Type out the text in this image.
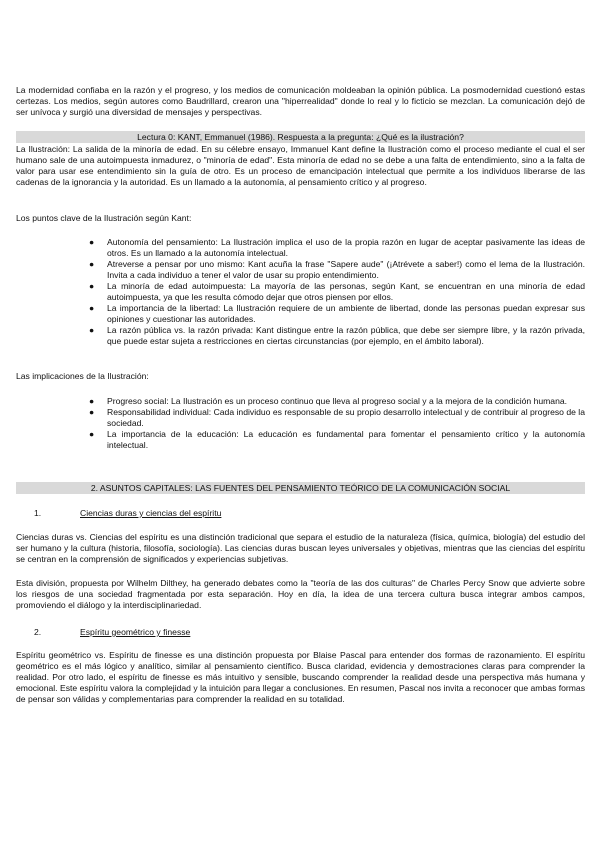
La modernidad confiaba en la razón y el progreso, y los medios de comunicación moldeaban la opinión pública. La posmodernidad cuestionó estas certezas. Los medios, según autores como Baudrillard, crearon una "hiperrealidad" donde lo real y lo ficticio se mezclan. La comunicación dejó de ser unívoca y surgió una diversidad de mensajes y perspectivas.

Lectura 0: KANT, Emmanuel (1986). Respuesta a la pregunta: ¿Qué es la ilustración?

La Ilustración: La salida de la minoría de edad. En su célebre ensayo, Immanuel Kant define la Ilustración como el proceso mediante el cual el ser humano sale de una autoimpuesta inmadurez, o "minoría de edad". Esta minoría de edad no se debe a una falta de entendimiento, sino a la falta de valor para usar ese entendimiento sin la guía de otro. Es un proceso de emancipación intelectual que permite a los individuos liberarse de las cadenas de la ignorancia y la autoridad. Es un llamado a la autonomía, al pensamiento crítico y al progreso.

Los puntos clave de la Ilustración según Kant:

● Autonomía del pensamiento: La Ilustración implica el uso de la propia razón en lugar de aceptar pasivamente las ideas de otros. Es un llamado a la autonomía intelectual.
● Atreverse a pensar por uno mismo: Kant acuña la frase "Sapere aude" (¡Atrévete a saber!) como el lema de la Ilustración. Invita a cada individuo a tener el valor de usar su propio entendimiento.
● La minoría de edad autoimpuesta: La mayoría de las personas, según Kant, se encuentran en una minoría de edad autoimpuesta, ya que les resulta cómodo dejar que otros piensen por ellos.
● La importancia de la libertad: La Ilustración requiere de un ambiente de libertad, donde las personas puedan expresar sus opiniones y cuestionar las autoridades.
● La razón pública vs. la razón privada: Kant distingue entre la razón pública, que debe ser siempre libre, y la razón privada, que puede estar sujeta a restricciones en ciertas circunstancias (por ejemplo, en el ámbito laboral).

Las implicaciones de la Ilustración:

● Progreso social: La Ilustración es un proceso continuo que lleva al progreso social y a la mejora de la condición humana.
● Responsabilidad individual: Cada individuo es responsable de su propio desarrollo intelectual y de contribuir al progreso de la sociedad.
● La importancia de la educación: La educación es fundamental para fomentar el pensamiento crítico y la autonomía intelectual.
2. ASUNTOS CAPITALES: LAS FUENTES DEL PENSAMIENTO TEÓRICO DE LA COMUNICACIÓN SOCIAL
1.	Ciencias duras y ciencias del espíritu

Ciencias duras vs. Ciencias del espíritu es una distinción tradicional que separa el estudio de la naturaleza (física, química, biología) del estudio del ser humano y la cultura (historia, filosofía, sociología). Las ciencias duras buscan leyes universales y objetivas, mientras que las ciencias del espíritu se centran en la comprensión de significados y experiencias subjetivas.

Esta división, propuesta por Wilhelm Dilthey, ha generado debates como la "teoría de las dos culturas" de Charles Percy Snow que advierte sobre los riesgos de una sociedad fragmentada por esta separación. Hoy en día, la idea de una tercera cultura busca integrar ambos campos, promoviendo el diálogo y la interdisciplinariedad.

2.	Espíritu geométrico y finesse

Espíritu geométrico vs. Espíritu de finesse es una distinción propuesta por Blaise Pascal para entender dos formas de razonamiento. El espíritu geométrico es el más lógico y analítico, similar al pensamiento científico. Busca claridad, evidencia y demostraciones claras para comprender la realidad. Por otro lado, el espíritu de finesse es más intuitivo y sensible, buscando comprender la realidad desde una perspectiva más humana y emocional. Este espíritu valora la complejidad y la intuición para llegar a conclusiones. En resumen, Pascal nos invita a reconocer que ambas formas de pensar son válidas y complementarias para comprender la realidad en su totalidad.
